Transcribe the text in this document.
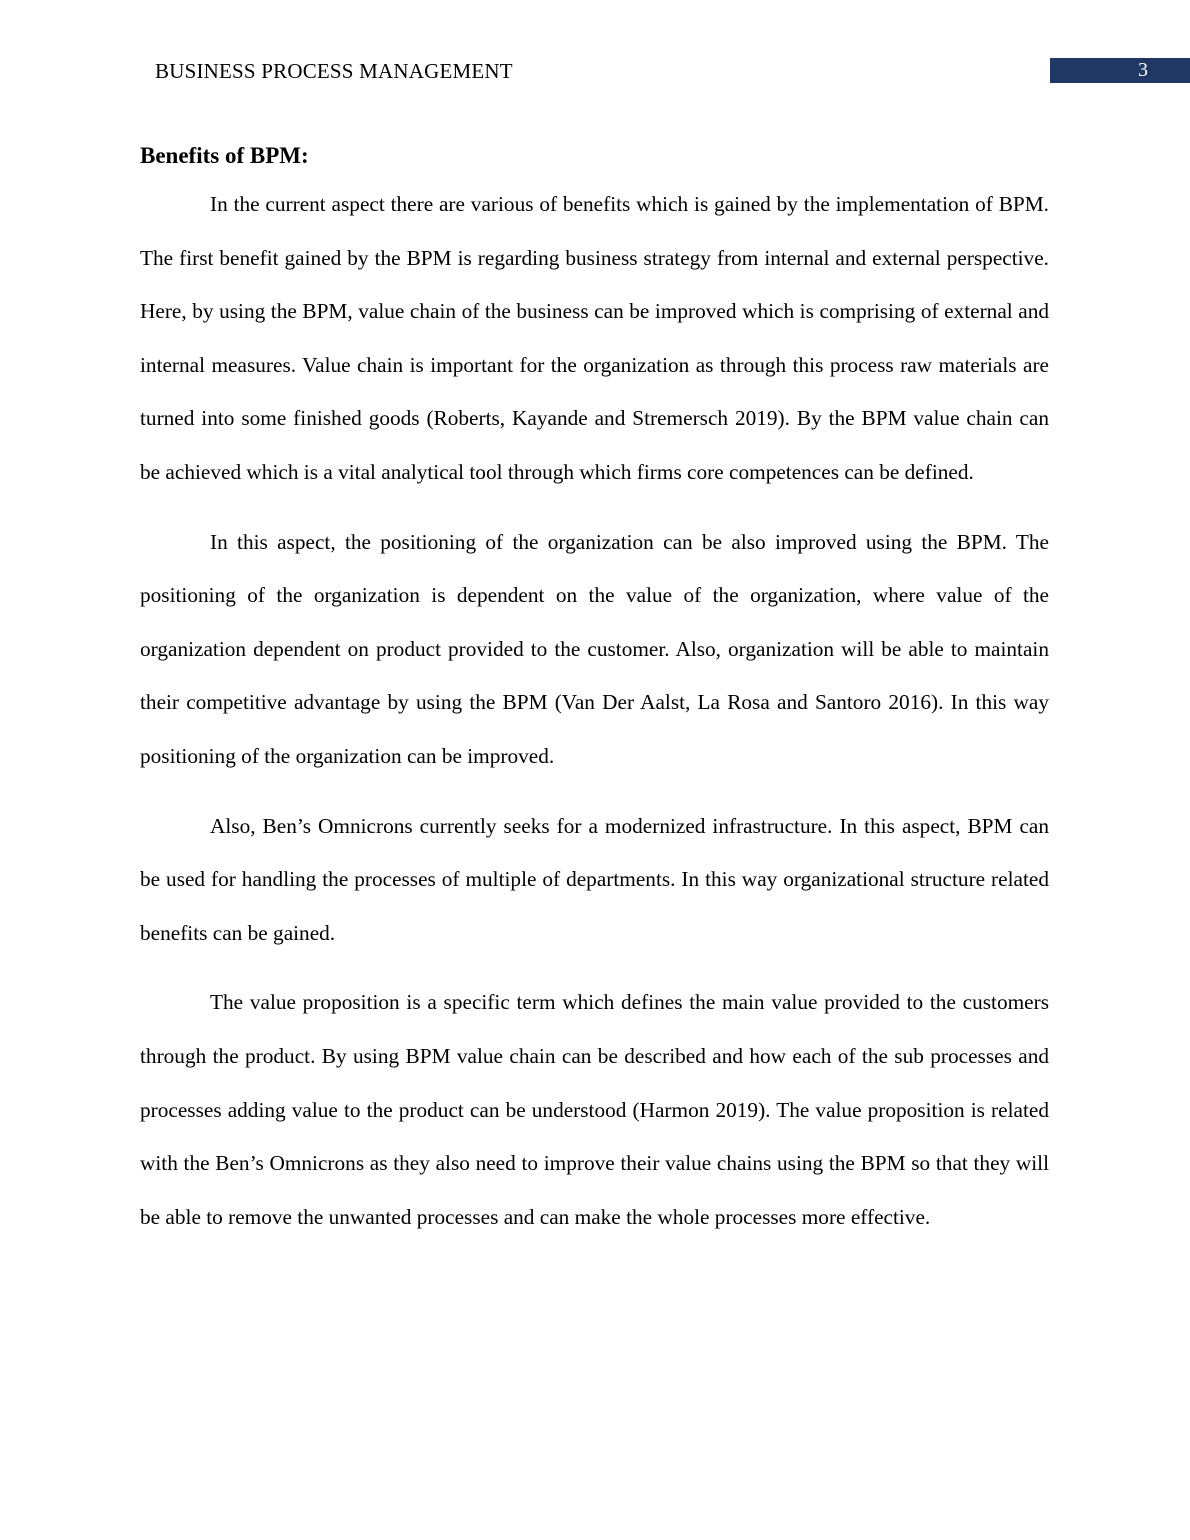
BUSINESS PROCESS MANAGEMENT	3
Benefits of BPM:

In the current aspect there are various of benefits which is gained by the implementation of BPM. The first benefit gained by the BPM is regarding business strategy from internal and external perspective. Here, by using the BPM, value chain of the business can be improved which is comprising of external and internal measures. Value chain is important for the organization as through this process raw materials are turned into some finished goods (Roberts, Kayande and Stremersch 2019). By the BPM value chain can be achieved which is a vital analytical tool through which firms core competences can be defined.

In this aspect, the positioning of the organization can be also improved using the BPM. The positioning of the organization is dependent on the value of the organization, where value of the organization dependent on product provided to the customer. Also, organization will be able to maintain their competitive advantage by using the BPM (Van Der Aalst, La Rosa and Santoro 2016). In this way positioning of the organization can be improved.

Also, Ben’s Omnicrons currently seeks for a modernized infrastructure. In this aspect, BPM can be used for handling the processes of multiple of departments. In this way organizational structure related benefits can be gained.

The value proposition is a specific term which defines the main value provided to the customers through the product. By using BPM value chain can be described and how each of the sub processes and processes adding value to the product can be understood (Harmon 2019). The value proposition is related with the Ben’s Omnicrons as they also need to improve their value chains using the BPM so that they will be able to remove the unwanted processes and can make the whole processes more effective.
